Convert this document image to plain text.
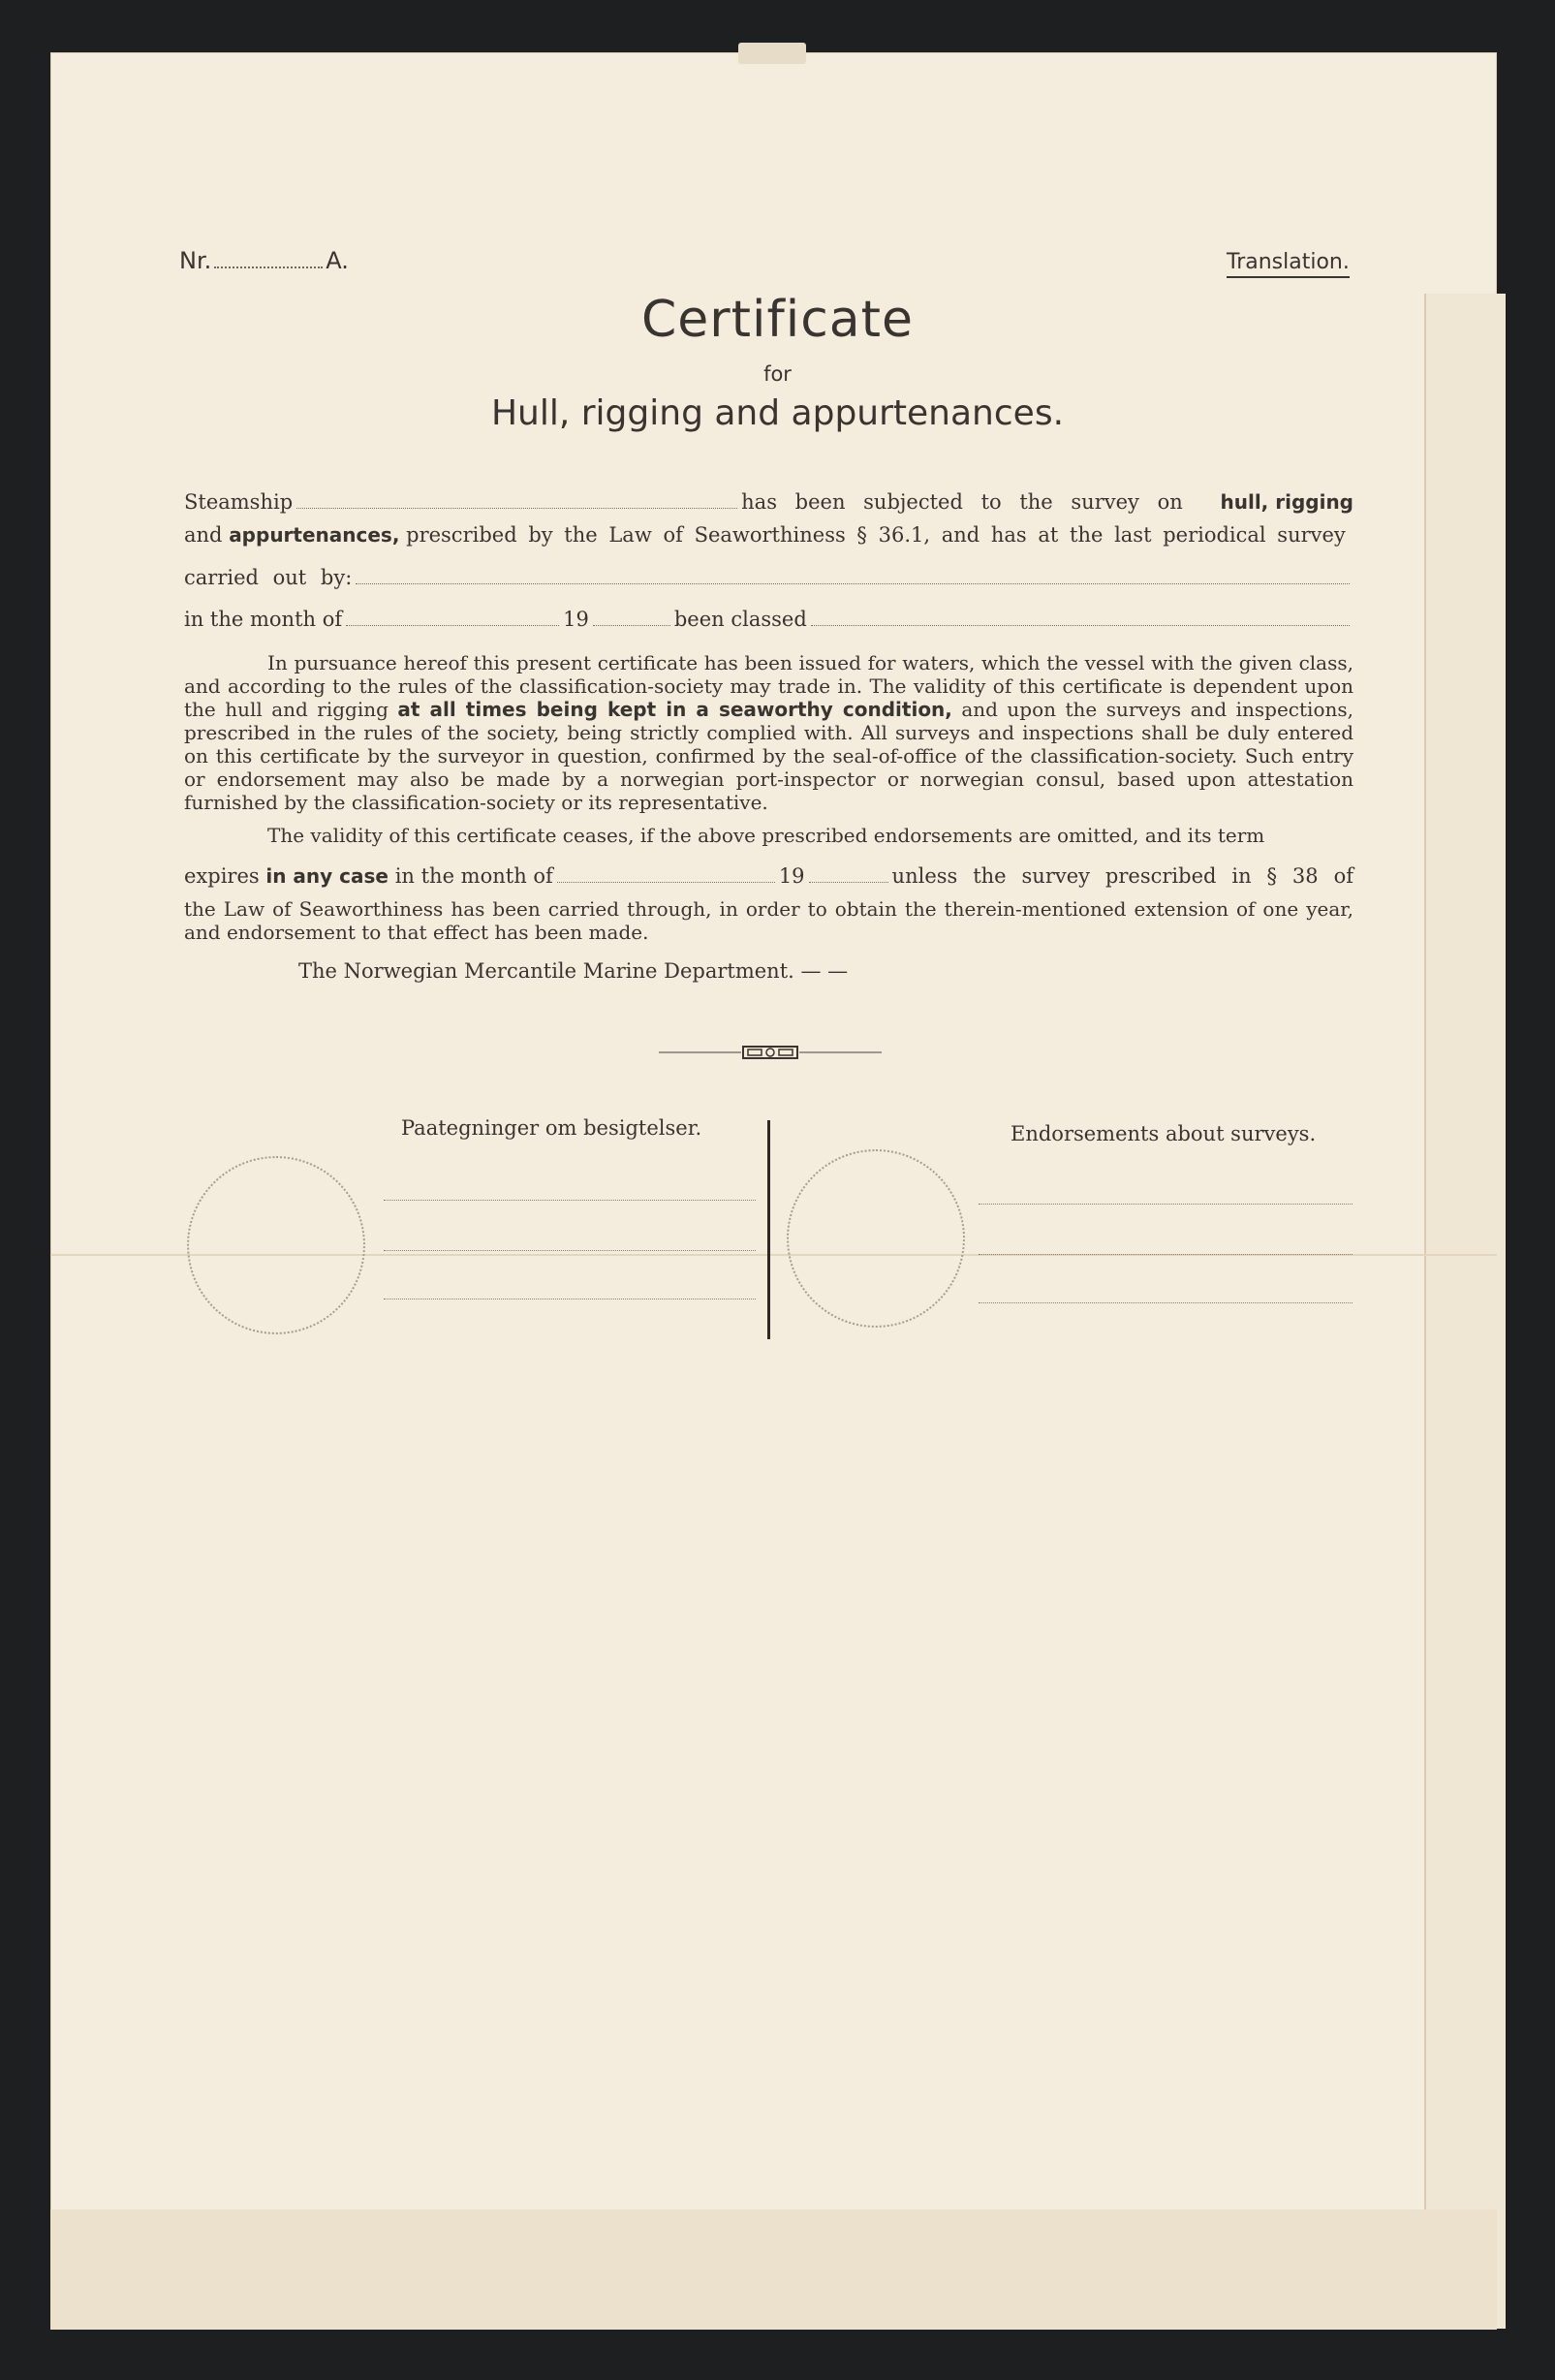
Nr.	A.	Translation.
Certificate
for
Hull, rigging and appurtenances.
Steamship	has been subjected to the survey on hull, rigging
and
appurtenances,
prescribed by the Law of Seaworthiness § 36.1, and has at the last periodical survey
carried out by:
in the month of	19	been classed

In pursuance hereof this present certificate has been issued for waters, which the vessel with the given class, and according to the rules of the classification-society may trade in. The validity of this certificate is dependent upon the hull and rigging at all times being kept in a seaworthy condition, and upon the surveys and inspections, prescribed in the rules of the society, being strictly complied with. All surveys and inspections shall be duly entered on this certificate by the surveyor in question, confirmed by the seal-of-office of the classification-society. Such entry or endorsement may also be made by a norwegian port-inspector or norwegian consul, based upon attestation furnished by the classification-society or its representative.

The validity of this certificate ceases, if the above prescribed endorsements are omitted, and its term

expires
in any case
in the month of	19	unless the survey prescribed in § 38 of

the Law of Seaworthiness has been carried through, in order to obtain the therein-mentioned extension of one year, and endorsement to that effect has been made.

The Norwegian Mercantile Marine Department. — —
Paategninger om besigtelser.	Endorsements about surveys.
